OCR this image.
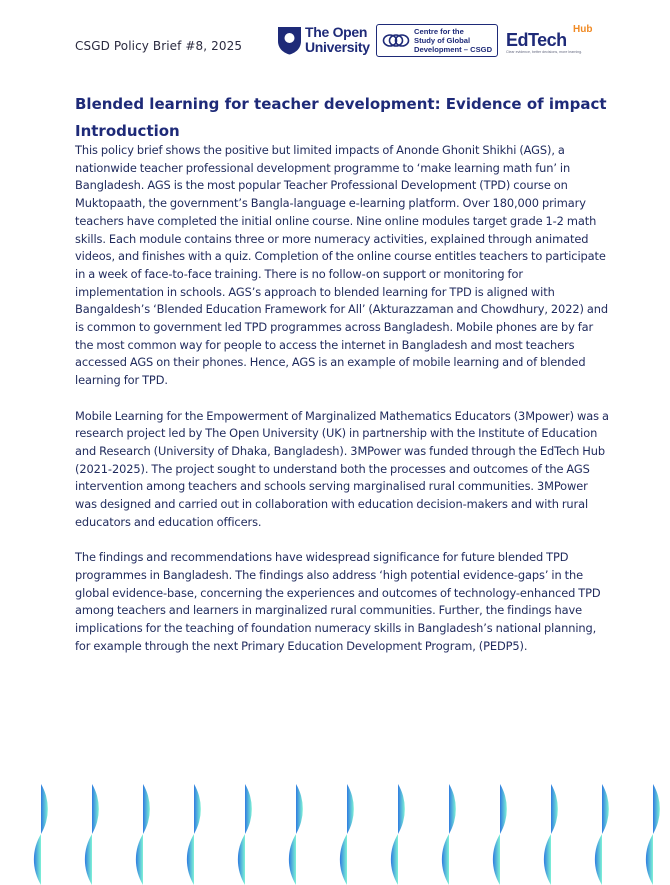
CSGD Policy Brief #8, 2025
The Open
University
Centre for the
Study of Global
Development – CSGD EdTech
Hub
Clear evidence, better decisions, more learning.
Blended learning for teacher development: Evidence of impact
Introduction

This policy brief shows the positive but limited impacts of Anonde Ghonit Shikhi (AGS), a nationwide teacher professional development programme to ‘make learning math fun’ in Bangladesh. AGS is the most popular Teacher Professional Development (TPD) course on Muktopaath, the government’s Bangla-language e-learning platform. Over 180,000 primary teachers have completed the initial online course. Nine online modules target grade 1-2 math skills. Each module contains three or more numeracy activities, explained through animated videos, and finishes with a quiz. Completion of the online course entitles teachers to participate in a week of face-to-face training. There is no follow-on support or monitoring for implementation in schools. AGS’s approach to blended learning for TPD is aligned with Bangaldesh’s ‘Blended Education Framework for All’ (Akturazzaman and Chowdhury, 2022) and is common to government led TPD programmes across Bangladesh. Mobile phones are by far the most common way for people to access the internet in Bangladesh and most teachers accessed AGS on their phones. Hence, AGS is an example of mobile learning and of blended learning for TPD.

Mobile Learning for the Empowerment of Marginalized Mathematics Educators (3Mpower) was a research project led by The Open University (UK) in partnership with the Institute of Education and Research (University of Dhaka, Bangladesh). 3MPower was funded through the EdTech Hub (2021-2025). The project sought to understand both the processes and outcomes of the AGS intervention among teachers and schools serving marginalised rural communities. 3MPower was designed and carried out in collaboration with education decision-makers and with rural educators and education officers.

The findings and recommendations have widespread significance for future blended TPD programmes in Bangladesh. The findings also address ‘high potential evidence-gaps’ in the global evidence-base, concerning the experiences and outcomes of technology-enhanced TPD among teachers and learners in marginalized rural communities. Further, the findings have implications for the teaching of foundation numeracy skills in Bangladesh’s national planning, for example through the next Primary Education Development Program, (PEDP5).
